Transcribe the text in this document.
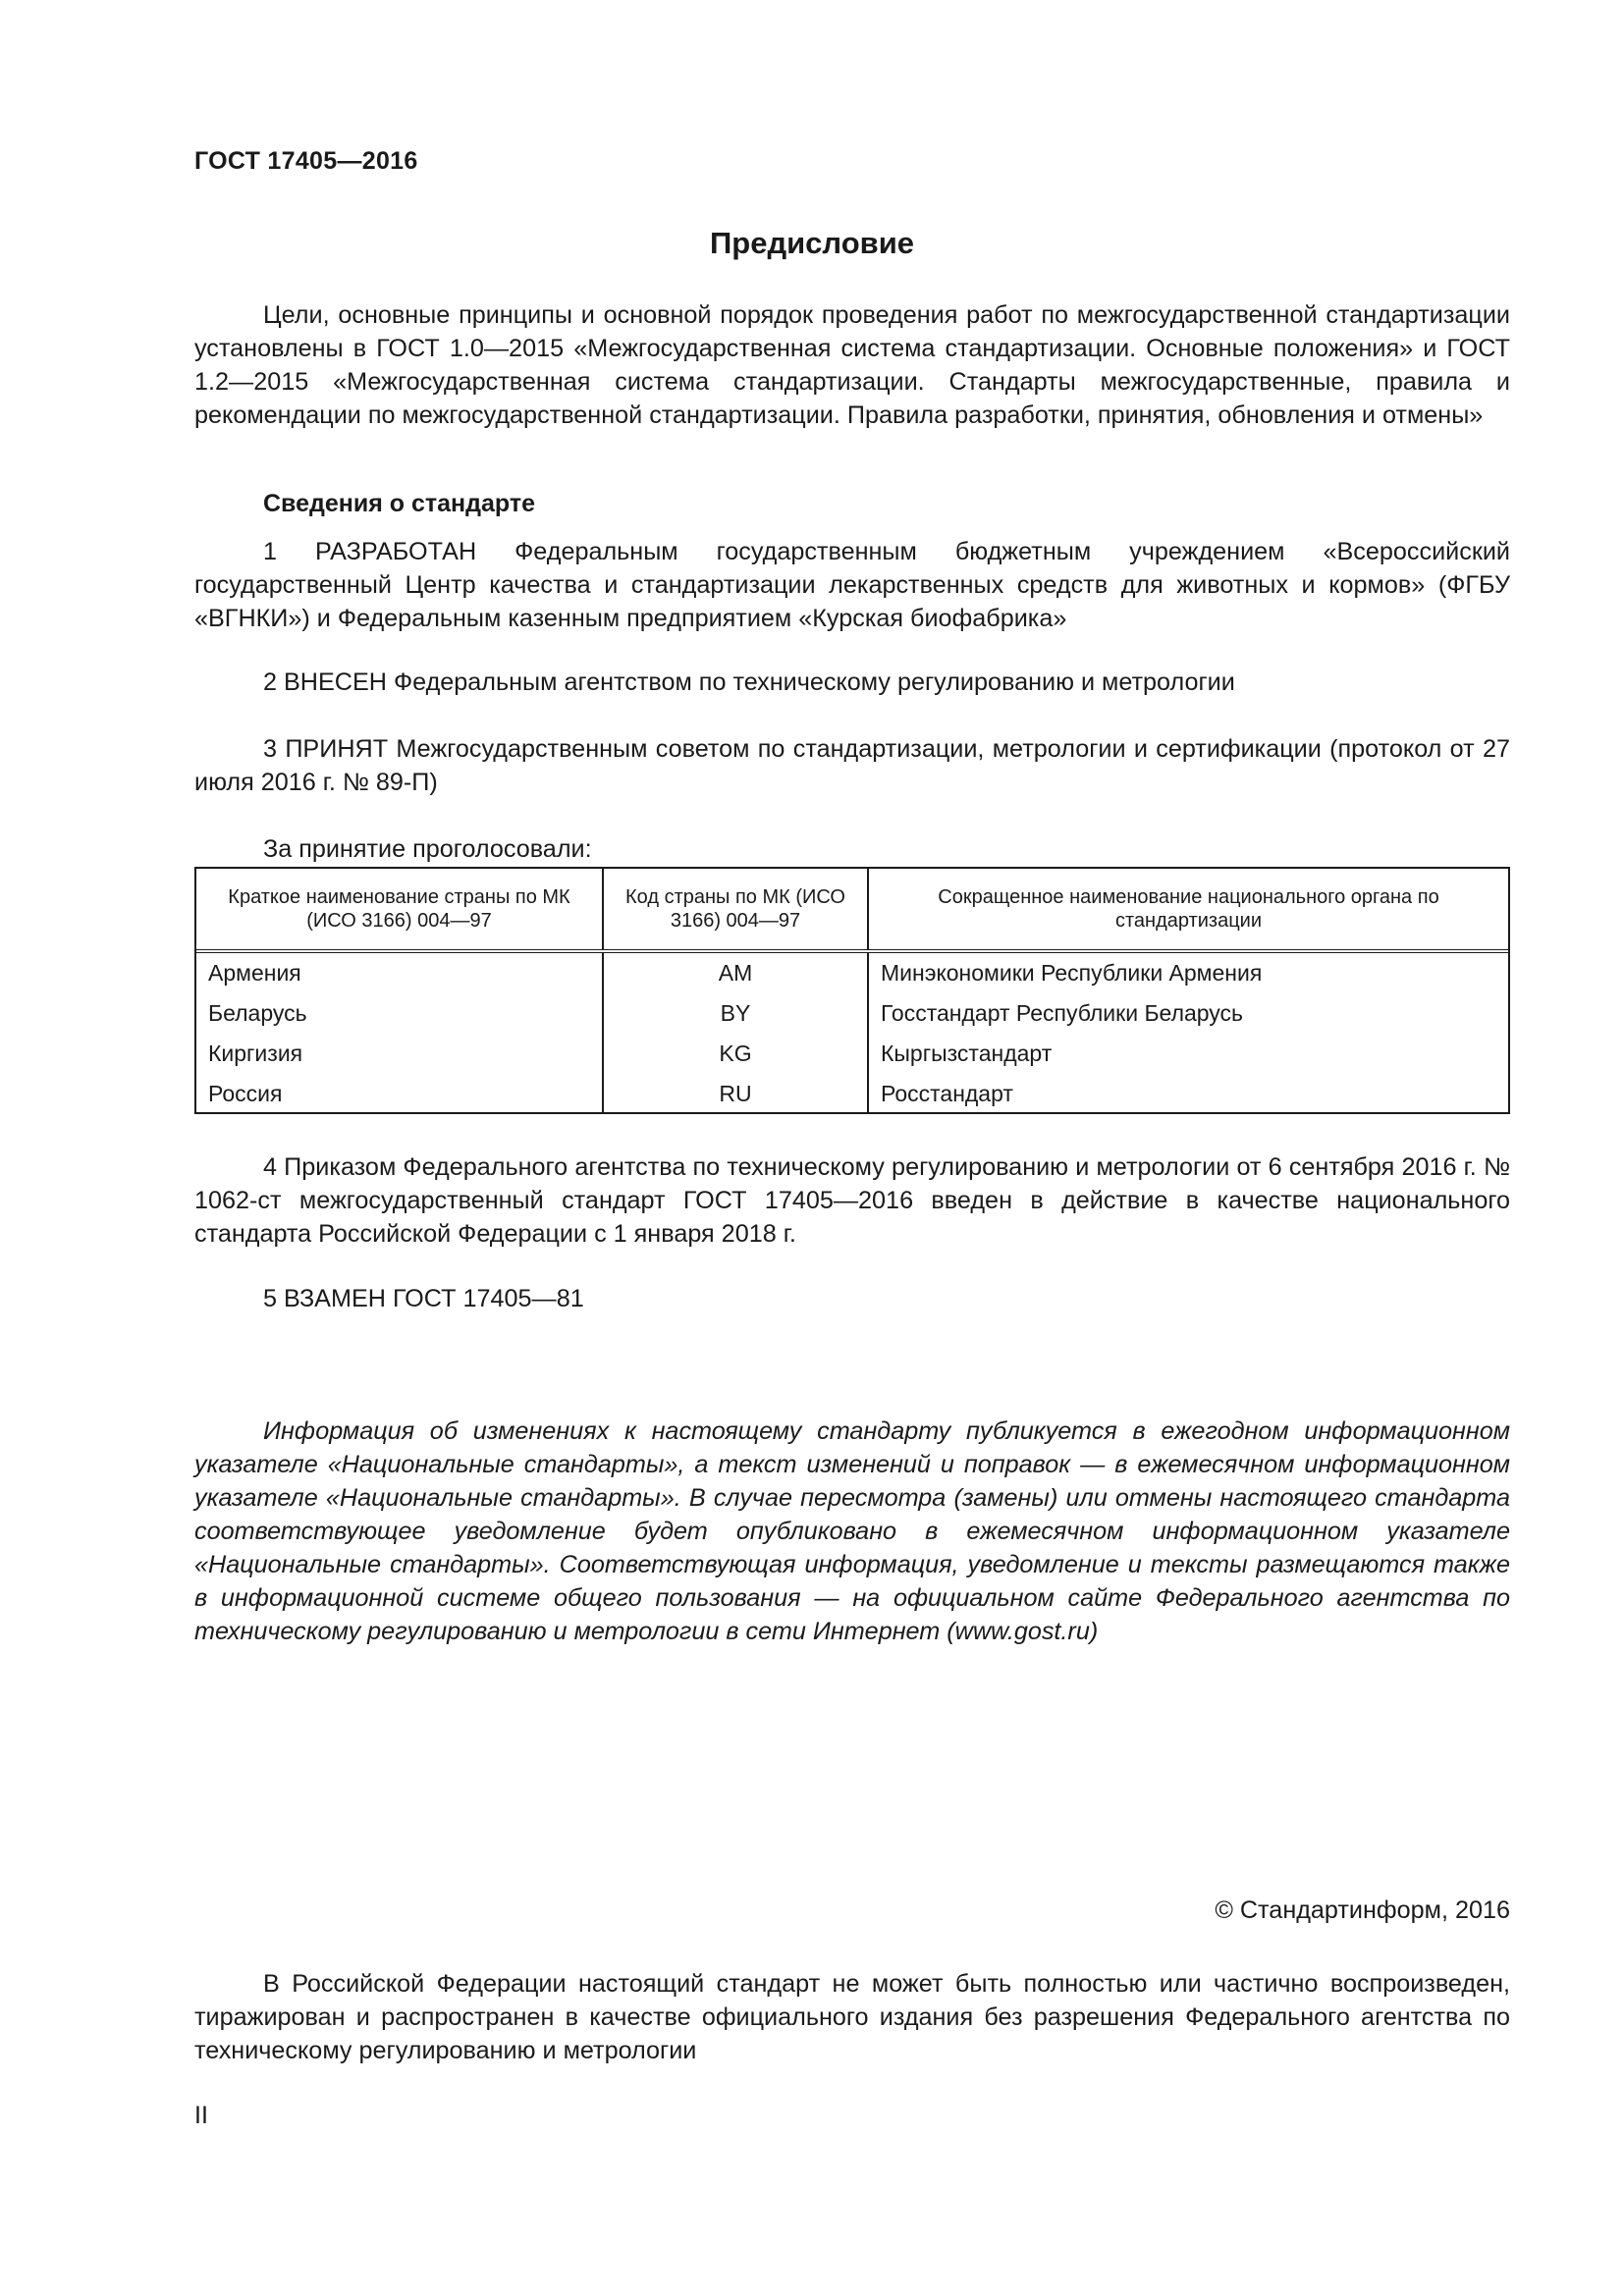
ГОСТ 17405—2016
Предисловие
Цели, основные принципы и основной порядок проведения работ по межгосударственной стандартизации установлены в ГОСТ 1.0—2015 «Межгосударственная система стандартизации. Основные положения» и ГОСТ 1.2—2015 «Межгосударственная система стандартизации. Стандарты межгосударственные, правила и рекомендации по межгосударственной стандартизации. Правила разработки, принятия, обновления и отмены»
Сведения о стандарте
1 РАЗРАБОТАН Федеральным государственным бюджетным учреждением «Всероссийский государственный Центр качества и стандартизации лекарственных средств для животных и кормов» (ФГБУ «ВГНКИ») и Федеральным казенным предприятием «Курская биофабрика»
2 ВНЕСЕН Федеральным агентством по техническому регулированию и метрологии
3 ПРИНЯТ Межгосударственным советом по стандартизации, метрологии и сертификации (протокол от 27 июля 2016 г. № 89-П)
За принятие проголосовали:
Краткое наименование страны по МК (ИСО 3166) 004—97
Код страны по МК (ИСО 3166) 004—97
Сокращенное наименование национального органа по стандартизации
Армения
Беларусь
Киргизия
Россия
AM
BY
KG
RU
Минэкономики Республики Армения
Госстандарт Республики Беларусь
Кыргызстандарт
Росстандарт
4 Приказом Федерального агентства по техническому регулированию и метрологии от 6 сентября 2016 г. № 1062-ст межгосударственный стандарт ГОСТ 17405—2016 введен в действие в качестве национального стандарта Российской Федерации с 1 января 2018 г.
5 ВЗАМЕН ГОСТ 17405—81
Информация об изменениях к настоящему стандарту публикуется в ежегодном информационном указателе «Национальные стандарты», а текст изменений и поправок — в ежемесячном информационном указателе «Национальные стандарты». В случае пересмотра (замены) или отмены настоящего стандарта соответствующее уведомление будет опубликовано в ежемесячном информационном указателе «Национальные стандарты». Соответствующая информация, уведомление и тексты размещаются также в информационной системе общего пользования — на официальном сайте Федерального агентства по техническому регулированию и метрологии в сети Интернет (www.gost.ru)
© Стандартинформ, 2016
В Российской Федерации настоящий стандарт не может быть полностью или частично воспроизведен, тиражирован и распространен в качестве официального издания без разрешения Федерального агентства по техническому регулированию и метрологии
II
